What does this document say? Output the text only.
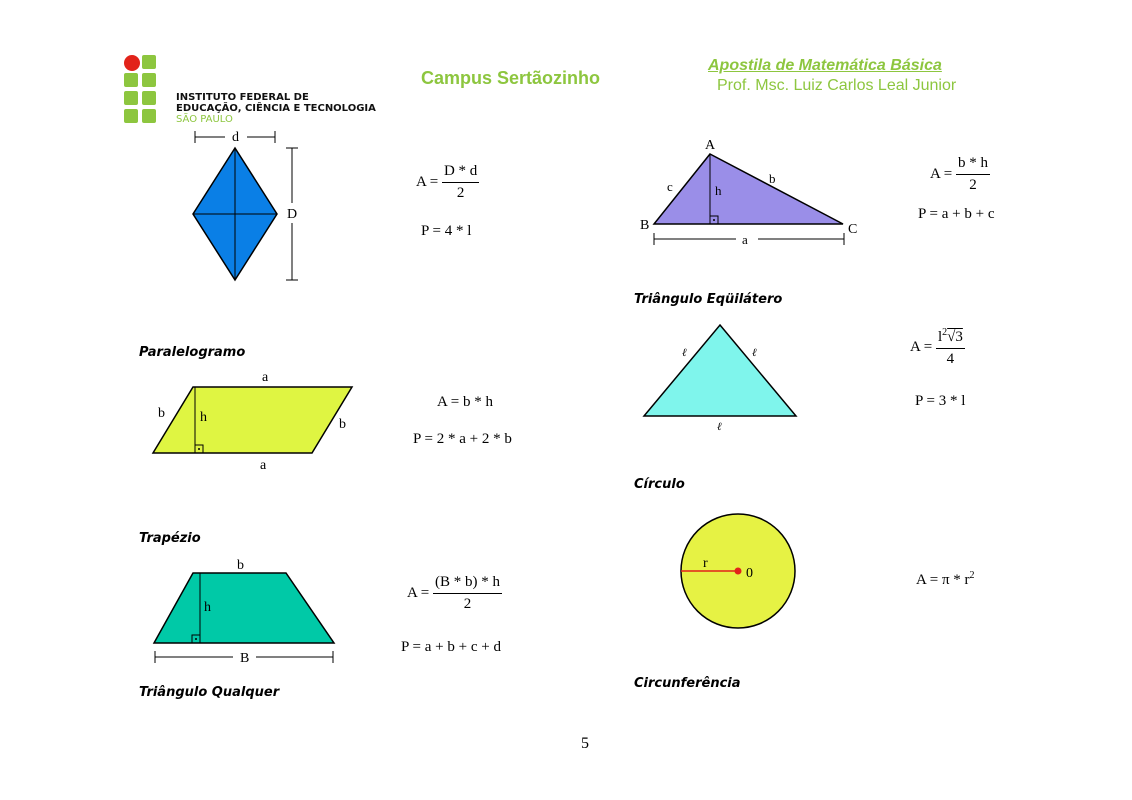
INSTITUTO FEDERAL DE
EDUCAÇÃO, CIÊNCIA E TECNOLOGIA
SÃO PAULO
Campus Sertãozinho
Apostila de Matemática Básica
Prof. Msc. Luiz Carlos Leal Junior
d
D
$A = \frac{D * d}{2}$
P = 4 * l
Paralelogramo
a
h
b
b
a
A = b * h
P = 2 * a + 2 * b
Trapézio
b
h
B
$A = \frac{(B * b) * h}{2}$
P = a + b + c + d
Triângulo Qualquer
A
c	h
b
B	C
a
$A = \frac{b * h}{2}$
P = a + b + c
Triângulo Eqüilátero
ℓ	ℓ
ℓ
$A = \frac{l^2√3}{4}$
P = 3 * l
Círculo
r
0	$A = \pi * r^2$
Circunferência
5
